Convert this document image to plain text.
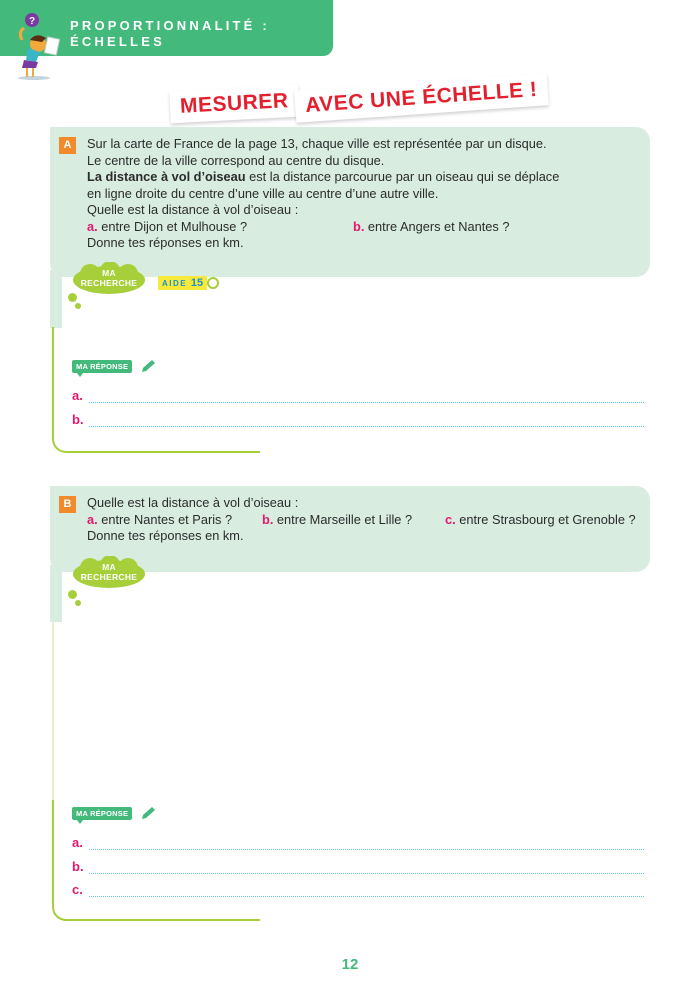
PROPORTIONNALITÉ :
ÉCHELLES
?
MESURER AVEC UNE ÉCHELLE !
A	Sur la carte de France de la page 13, chaque ville est représentée par un disque.
Le centre de la ville correspond au centre du disque.
La distance à vol d’oiseau est la distance parcourue par un oiseau qui se déplace
en ligne droite du centre d’une ville au centre d’une autre ville.
Quelle est la distance à vol d’oiseau :
a. entre Dijon et Mulhouse ?	b. entre Angers et Nantes ?
Donne tes réponses en km.
MA
RECHERCHE	AIDE 15
MA RÉPONSE
a.
b.
B	Quelle est la distance à vol d’oiseau :
a. entre Nantes et Paris ? b. entre Marseille et Lille ?	c. entre Strasbourg et Grenoble ?
Donne tes réponses en km.
MA
RECHERCHE
MA RÉPONSE
a.
b.
c.
12
